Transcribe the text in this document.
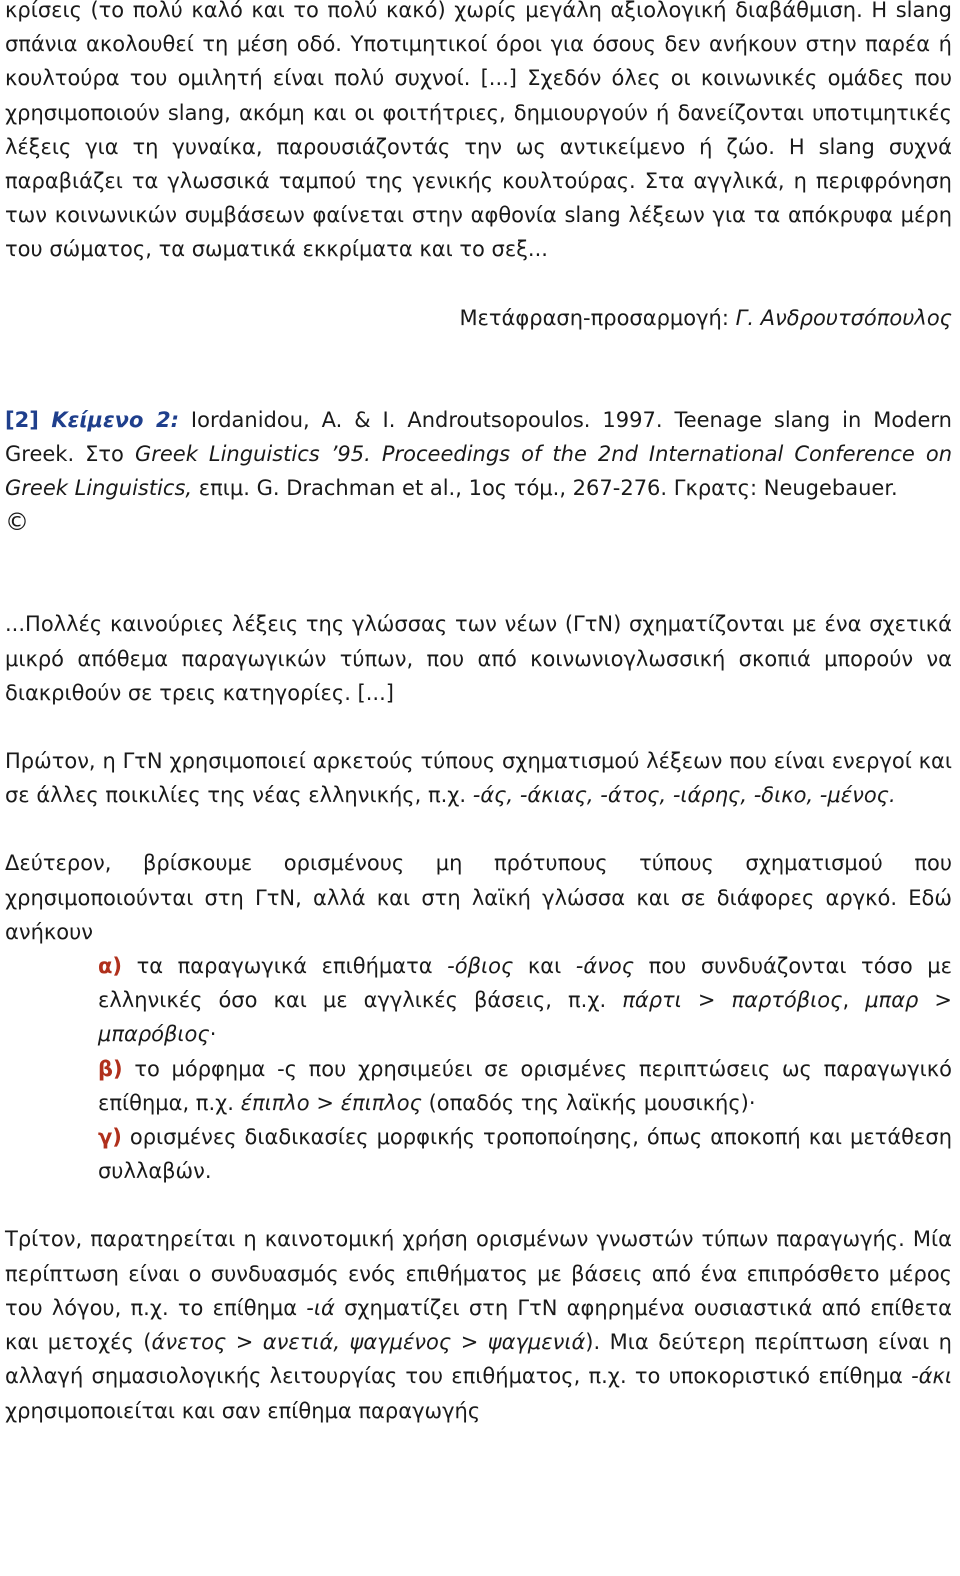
κρίσεις (το πολύ καλό και το πολύ κακό) χωρίς μεγάλη αξιολογική διαβάθμιση. Η slang σπάνια ακολουθεί τη μέση οδό. Υποτιμητικοί όροι για όσους δεν ανήκουν στην παρέα ή κουλτούρα του ομιλητή είναι πολύ συχνοί. [...] Σχεδόν όλες οι κοινωνικές ομάδες που χρησιμοποιούν slang, ακόμη και οι φοιτήτριες, δημιουργούν ή δανείζονται υποτιμητικές λέξεις για τη γυναίκα, παρουσιάζοντάς την ως αντικείμενο ή ζώο. Η slang συχνά παραβιάζει τα γλωσσικά ταμπού της γενικής κουλτούρας. Στα αγγλικά, η περιφρόνηση των κοινωνικών συμβάσεων φαίνεται στην αφθονία slang λέξεων για τα απόκρυφα μέρη του σώματος, τα σωματικά εκκρίματα και το σεξ...

Μετάφραση-προσαρμογή: Γ. Ανδρουτσόπουλος

[2] Κείμενο 2: Iordanidou, A. & I. Androutsopoulos. 1997. Teenage slang in Modern Greek. Στο Greek Linguistics ’95. Proceedings of the 2nd International Conference on Greek Linguistics, επιμ. G. Drachman et al., 1ος τόμ., 267-276. Γκρατς: Neugebauer.

©

...Πολλές καινούριες λέξεις της γλώσσας των νέων (ΓτΝ) σχηματίζονται με ένα σχετικά μικρό απόθεμα παραγωγικών τύπων, που από κοινωνιογλωσσική σκοπιά μπορούν να διακριθούν σε τρεις κατηγορίες. [...]

Πρώτον, η ΓτΝ χρησιμοποιεί αρκετούς τύπους σχηματισμού λέξεων που είναι ενεργοί και σε άλλες ποικιλίες της νέας ελληνικής, π.χ. -άς, -άκιας, -άτος, -ιάρης, -δικο, -μένος.

Δεύτερον, βρίσκουμε ορισμένους μη πρότυπους τύπους σχηματισμού που χρησιμοποιούνται στη ΓτΝ, αλλά και στη λαϊκή γλώσσα και σε διάφορες αργκό. Εδώ ανήκουν

α) τα παραγωγικά επιθήματα -όβιος και -άνος που συνδυάζονται τόσο με ελληνικές όσο και με αγγλικές βάσεις, π.χ. πάρτι > παρτόβιος, μπαρ > μπαρόβιος·

β) το μόρφημα -ς που χρησιμεύει σε ορισμένες περιπτώσεις ως παραγωγικό επίθημα, π.χ. έπιπλο > έπιπλος (οπαδός της λαϊκής μουσικής)·

γ) ορισμένες διαδικασίες μορφικής τροποποίησης, όπως αποκοπή και μετάθεση συλλαβών.

Τρίτον, παρατηρείται η καινοτομική χρήση ορισμένων γνωστών τύπων παραγωγής. Μία περίπτωση είναι ο συνδυασμός ενός επιθήματος με βάσεις από ένα επιπρόσθετο μέρος του λόγου, π.χ. το επίθημα -ιά σχηματίζει στη ΓτΝ αφηρημένα ουσιαστικά από επίθετα και μετοχές (άνετος > ανετιά, ψαγμένος > ψαγμενιά). Μια δεύτερη περίπτωση είναι η αλλαγή σημασιολογικής λειτουργίας του επιθήματος, π.χ. το υποκοριστικό επίθημα -άκι χρησιμοποιείται και σαν επίθημα παραγωγής
